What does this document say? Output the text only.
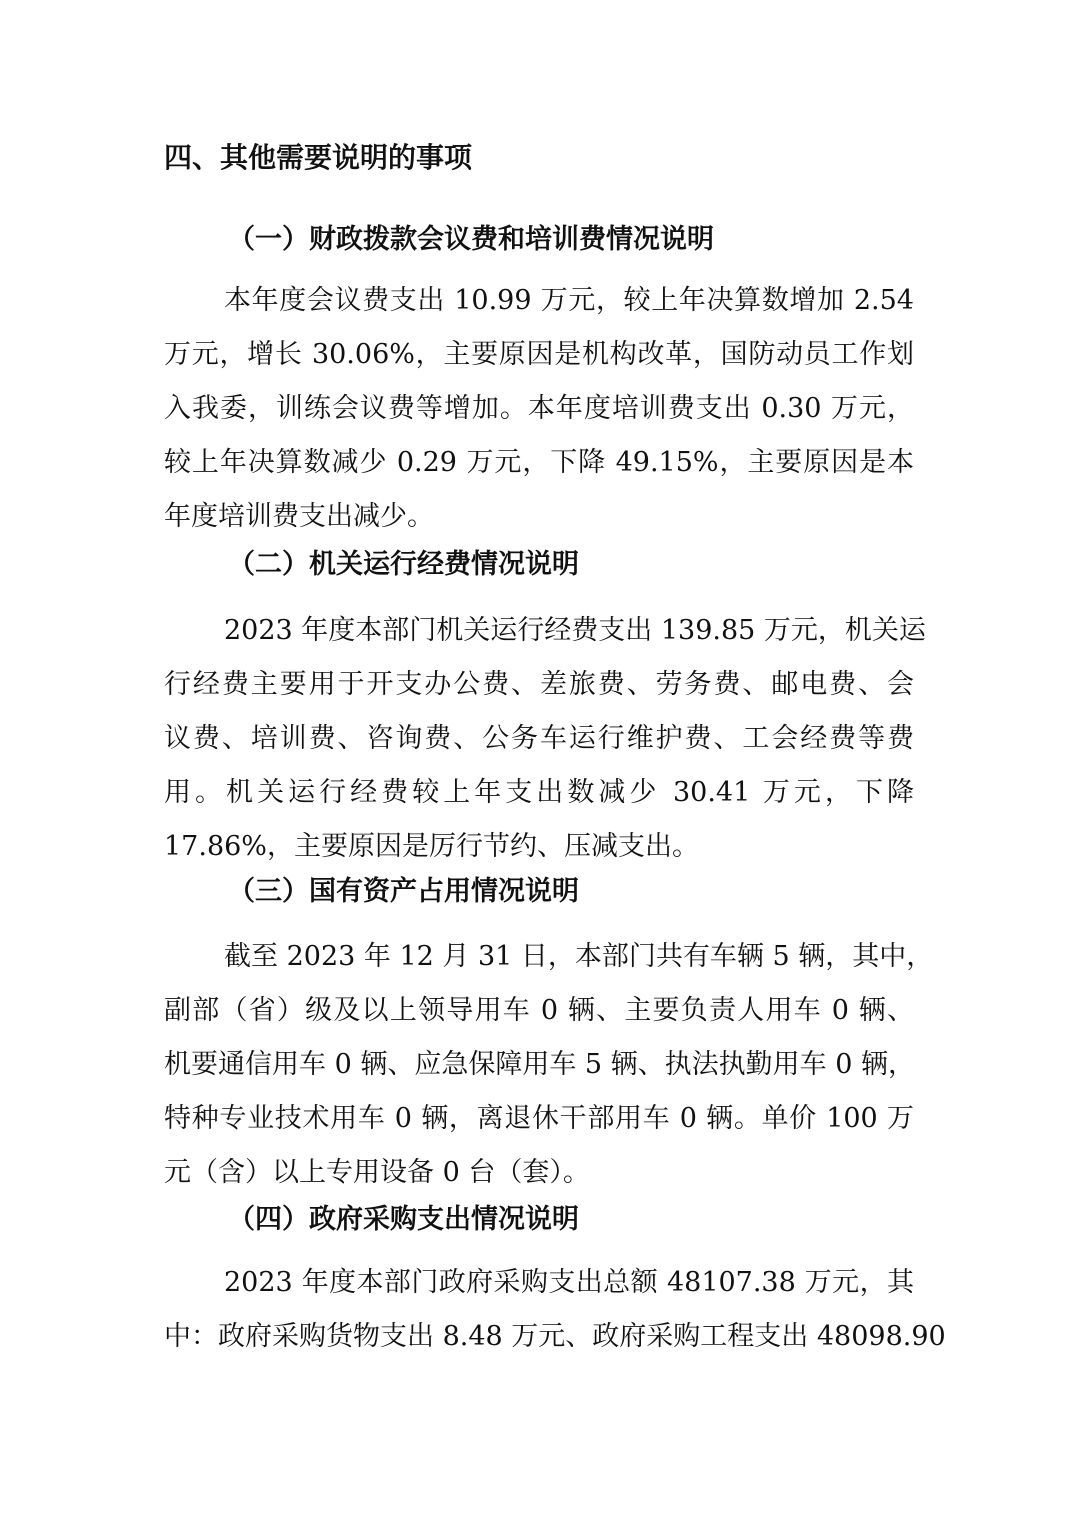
四、其他需要说明的事项
（一）财政拨款会议费和培训费情况说明
本年度会议费支出 10.99 万元，较上年决算数增加 2.54
万元，增长 30.06%，主要原因是机构改革，国防动员工作划
入我委，训练会议费等增加。本年度培训费支出 0.30 万元，
较上年决算数减少 0.29 万元，下降 49.15%，主要原因是本
年度培训费支出减少。
（二）机关运行经费情况说明
2023 年度本部门机关运行经费支出 139.85 万元，机关运
行经费主要用于开支办公费、差旅费、劳务费、邮电费、会
议费、培训费、咨询费、公务车运行维护费、工会经费等费
用。机关运行经费较上年支出数减少 30.41 万元，下降
17.86%，主要原因是厉行节约、压减支出。
（三）国有资产占用情况说明
截至 2023 年 12 月 31 日，本部门共有车辆 5 辆，其中，
副部（省）级及以上领导用车 0 辆、主要负责人用车 0 辆、
机要通信用车 0 辆、应急保障用车 5 辆、执法执勤用车 0 辆，
特种专业技术用车 0 辆，离退休干部用车 0 辆。单价 100 万
元（含）以上专用设备 0 台（套）。
（四）政府采购支出情况说明
2023 年度本部门政府采购支出总额 48107.38 万元，其
中：政府采购货物支出 8.48 万元、政府采购工程支出 48098.90
